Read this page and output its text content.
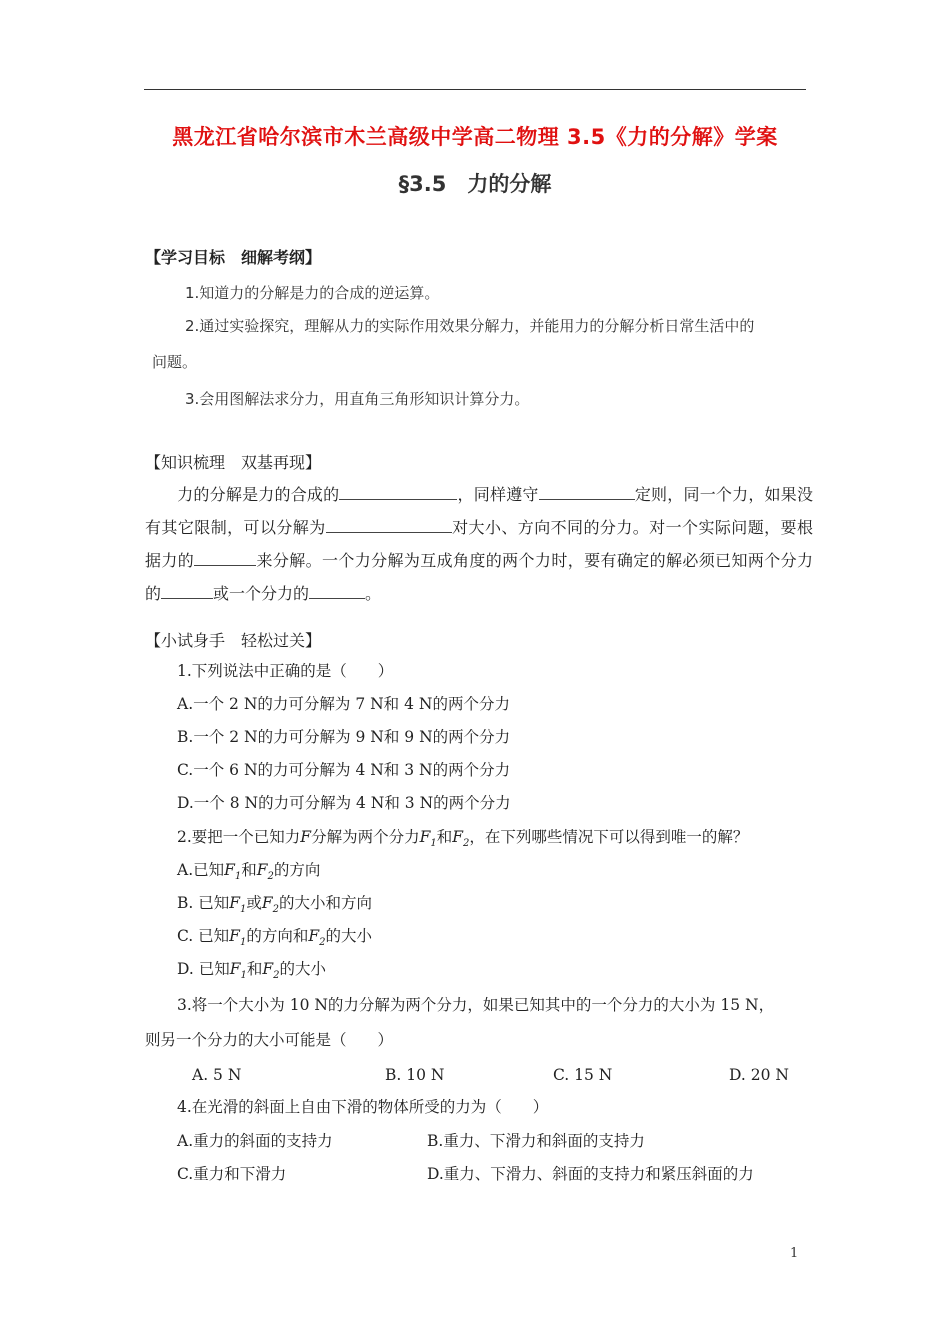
黑龙江省哈尔滨市木兰高级中学高二物理 3.5《力的分解》学案
§3.5　力的分解
【学习目标　细解考纲】
1.知道力的分解是力的合成的逆运算。
2.通过实验探究，理解从力的实际作用效果分解力，并能用力的分解分析日常生活中的
问题。
3.会用图解法求分力，用直角三角形知识计算分力。
【知识梳理　双基再现】
力的分解是力的合成的	，同样遵守	定则，同一个力，如果没有其它限制，可以分解为	对大小、方向不同的分力。对一个实际问题，要根据力的	来分解。一个力分解为互成角度的两个力时，要有确定的解必须已知两个分力的	或一个分力的	。
【小试身手　轻松过关】
1.下列说法中正确的是（　　）
A.一个 2 N的力可分解为 7 N和 4 N的两个分力
B.一个 2 N的力可分解为 9 N和 9 N的两个分力
C.一个 6 N的力可分解为 4 N和 3 N的两个分力
D.一个 8 N的力可分解为 4 N和 3 N的两个分力
2.要把一个已知力F分解为两个分力$F_1$和$F_2$，在下列哪些情况下可以得到唯一的解？
A.已知$F_1$和$F_2$的方向
B. 已知$F_1$或$F_2$的大小和方向
C. 已知$F_1$的方向和$F_2$的大小
D. 已知$F_1$和$F_2$的大小
3.将一个大小为 10 N的力分解为两个分力，如果已知其中的一个分力的大小为 15 N，
则另一个分力的大小可能是（　　）
A. 5 N	B. 10 N	C. 15 N	D. 20 N
4.在光滑的斜面上自由下滑的物体所受的力为（　　）
A.重力的斜面的支持力	B.重力、下滑力和斜面的支持力
C.重力和下滑力	D.重力、下滑力、斜面的支持力和紧压斜面的力
1
